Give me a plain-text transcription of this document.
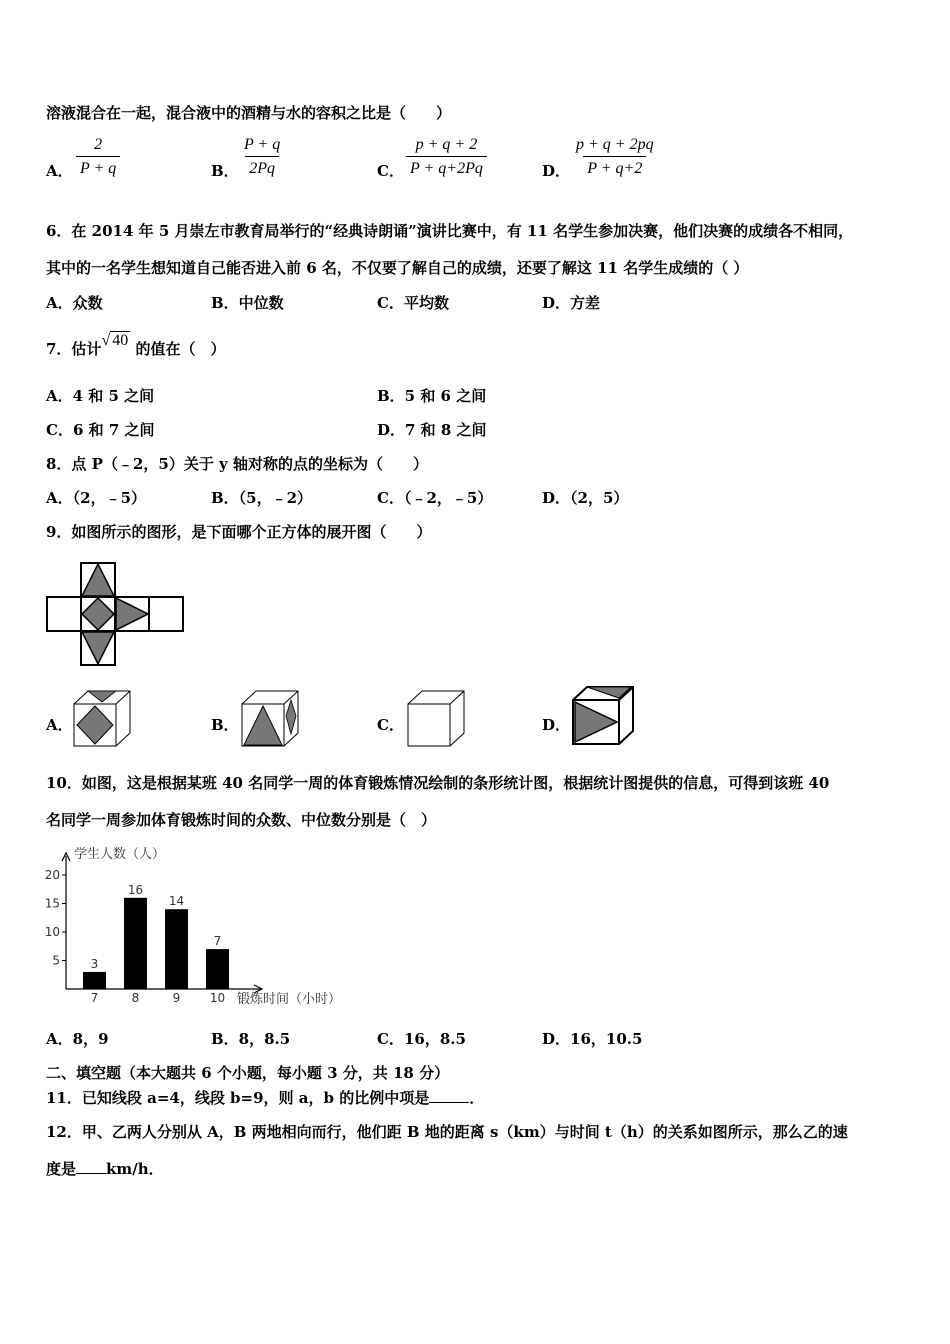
溶液混合在一起，混合液中的酒精与水的容积之比是（　　）
A． $\frac{2}{P + q}$	B． $\frac{P + q}{2Pq}$	C． $\frac{p + q + 2}{P + q+2Pq}$	D． $\frac{p + q + 2pq}{P + q+2}$
6．在 2014 年 5 月崇左市教育局举行的“经典诗朗诵”演讲比赛中，有 11 名学生参加决赛，他们决赛的成绩各不相同，
其中的一名学生想知道自己能否进入前 6 名，不仅要了解自己的成绩，还要了解这 11 名学生成绩的（ ）
A．众数	B．中位数	C．平均数	D．方差
7．估计√ 40 的值在（　）
A．4 和 5 之间	B．5 和 6 之间
C．6 和 7 之间	D．7 和 8 之间
8．点 P（﹣2，5）关于 y 轴对称的点的坐标为（　　）
A．（2，﹣5）	B．（5，﹣2）	C．（﹣2，﹣5）	D．（2，5）
9．如图所示的图形，是下面哪个正方体的展开图（　　）
A．	B．	C．	D．
10．如图，这是根据某班 40 名同学一周的体育锻炼情况绘制的条形统计图，根据统计图提供的信息，可得到该班 40
名同学一周参加体育锻炼时间的众数、中位数分别是（　）
学生人数（人）
锻炼时间（小时）
5
10
15
20
3
7
16
8
14
9
7
10
A．8，9	B．8，8.5	C．16，8.5	D．16，10.5
二、填空题（本大题共 6 个小题，每小题 3 分，共 18 分）
11．已知线段 a=4，线段 b=9，则 a，b 的比例中项是	．
12．甲、乙两人分别从 A，B 两地相向而行，他们距 B 地的距离 s（km）与时间 t（h）的关系如图所示，那么乙的速
度是 km/h．
